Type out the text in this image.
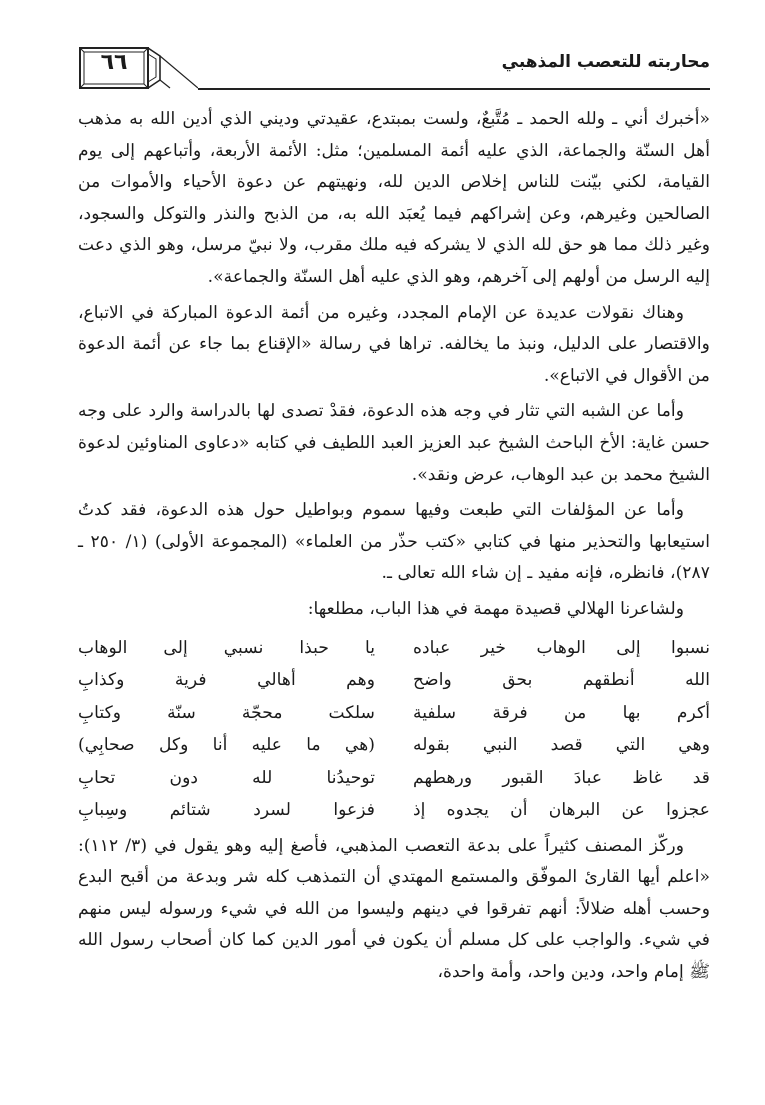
محاربته للتعصب المذهبي
٦٦

«أخبرك أني ـ ولله الحمد ـ مُتَّبعٌ، ولست بمبتدع، عقيدتي وديني الذي أدين الله به مذهب أهل السنّة والجماعة، الذي عليه أئمة المسلمين؛ مثل: الأئمة الأربعة، وأتباعهم إلى يوم القيامة، لكني بيّنت للناس إخلاص الدين لله، ونهيتهم عن دعوة الأحياء والأموات من الصالحين وغيرهم، وعن إشراكهم فيما يُعبَد الله به، من الذبح والنذر والتوكل والسجود، وغير ذلك مما هو حق لله الذي لا يشركه فيه ملك مقرب، ولا نبيّ مرسل، وهو الذي دعت إليه الرسل من أولهم إلى آخرهم، وهو الذي عليه أهل السنّة والجماعة».

وهناك نقولات عديدة عن الإمام المجدد، وغيره من أئمة الدعوة المباركة في الاتباع، والاقتصار على الدليل، ونبذ ما يخالفه. تراها في رسالة «الإقناع بما جاء عن أئمة الدعوة من الأقوال في الاتباع».

وأما عن الشبه التي تثار في وجه هذه الدعوة، فقدْ تصدى لها بالدراسة والرد على وجه حسن غاية: الأخ الباحث الشيخ عبد العزيز العبد اللطيف في كتابه «دعاوى المناوئين لدعوة الشيخ محمد بن عبد الوهاب، عرض ونقد».

وأما عن المؤلفات التي طبعت وفيها سموم وبواطيل حول هذه الدعوة، فقد كدتُ استيعابها والتحذير منها في كتابي «كتب حذّر من العلماء» (المجموعة الأولى) (١/ ٢٥٠ ـ ٢٨٧)، فانظره، فإنه مفيد ـ إن شاء الله تعالى ـ.

ولشاعرنا الهلالي قصيدة مهمة في هذا الباب، مطلعها:

نسبوا إلى الوهاب خير عباده
يا حبذا نسبي إلى الوهاب
الله أنطقهم بحق واضح
وهم أهالي فرية وكذابِ
أكرم بها من فرقة سلفية
سلكت محجّة سنّة وكتابِ
وهي التي قصد النبي بقوله
(هي ما عليه أنا وكل صحابِي)
قد غاظ عبادَ القبور ورهطهم
توحيدُنا لله دون تحابِ
عجزوا عن البرهان أن يجدوه إذ
فزعوا لسرد شتائم وسِبابِ

وركّز المصنف كثيراً على بدعة التعصب المذهبي، فأصغ إليه وهو يقول في (٣/ ١١٢): «اعلم أيها القارئ الموفّق والمستمع المهتدي أن التمذهب كله شر وبدعة من أقبح البدع وحسب أهله ضلالاً: أنهم تفرقوا في دينهم وليسوا من الله في شيء ورسوله ليس منهم في شيء. والواجب على كل مسلم أن يكون في أمور الدين كما كان أصحاب رسول الله ﷺ إمام واحد، ودين واحد، وأمة واحدة،
